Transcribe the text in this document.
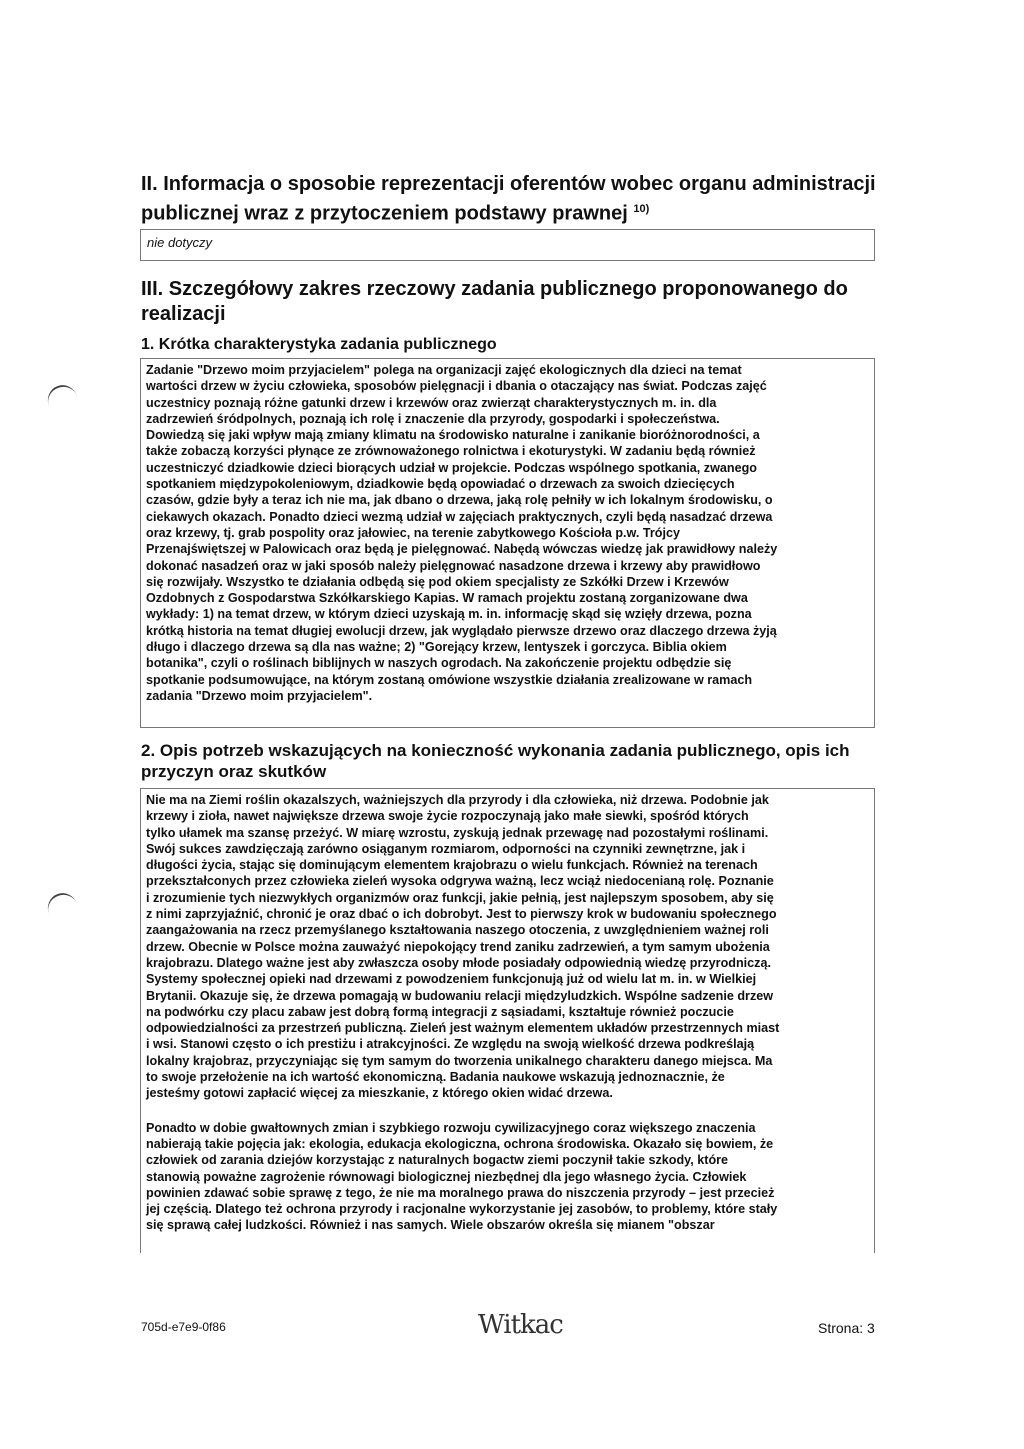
II. Informacja o sposobie reprezentacji oferentów wobec organu administracji publicznej wraz z przytoczeniem podstawy prawnej $^{10)}$

nie dotyczy

III. Szczegółowy zakres rzeczowy zadania publicznego proponowanego do realizacji
1. Krótka charakterystyka zadania publicznego

Zadanie "Drzewo moim przyjacielem" polega na organizacji zajęć ekologicznych dla dzieci na temat
wartości drzew w życiu człowieka, sposobów pielęgnacji i dbania o otaczający nas świat. Podczas zajęć
uczestnicy poznają różne gatunki drzew i krzewów oraz zwierząt charakterystycznych m. in. dla
zadrzewień śródpolnych, poznają ich rolę i znaczenie dla przyrody, gospodarki i społeczeństwa.
Dowiedzą się jaki wpływ mają zmiany klimatu na środowisko naturalne i zanikanie bioróżnorodności, a
także zobaczą korzyści płynące ze zrównoważonego rolnictwa i ekoturystyki. W zadaniu będą również
uczestniczyć dziadkowie dzieci biorących udział w projekcie. Podczas wspólnego spotkania, zwanego
spotkaniem międzypokoleniowym, dziadkowie będą opowiadać o drzewach za swoich dziecięcych
czasów, gdzie były a teraz ich nie ma, jak dbano o drzewa, jaką rolę pełniły w ich lokalnym środowisku, o
ciekawych okazach. Ponadto dzieci wezmą udział w zajęciach praktycznych, czyli będą nasadzać drzewa
oraz krzewy, tj. grab pospolity oraz jałowiec, na terenie zabytkowego Kościoła p.w. Trójcy
Przenajświętszej w Palowicach oraz będą je pielęgnować. Nabędą wówczas wiedzę jak prawidłowy należy
dokonać nasadzeń oraz w jaki sposób należy pielęgnować nasadzone drzewa i krzewy aby prawidłowo
się rozwijały. Wszystko te działania odbędą się pod okiem specjalisty ze Szkółki Drzew i Krzewów
Ozdobnych z Gospodarstwa Szkółkarskiego Kapias. W ramach projektu zostaną zorganizowane dwa
wykłady: 1) na temat drzew, w którym dzieci uzyskają m. in. informację skąd się wzięły drzewa, pozna
krótką historia na temat długiej ewolucji drzew, jak wyglądało pierwsze drzewo oraz dlaczego drzewa żyją
długo i dlaczego drzewa są dla nas ważne; 2) "Gorejący krzew, lentyszek i gorczyca. Biblia okiem
botanika", czyli o roślinach biblijnych w naszych ogrodach. Na zakończenie projektu odbędzie się
spotkanie podsumowujące, na którym zostaną omówione wszystkie działania zrealizowane w ramach
zadania "Drzewo moim przyjacielem".

2. Opis potrzeb wskazujących na konieczność wykonania zadania publicznego, opis ich przyczyn oraz skutków

Nie ma na Ziemi roślin okazalszych, ważniejszych dla przyrody i dla człowieka, niż drzewa. Podobnie jak
krzewy i zioła, nawet największe drzewa swoje życie rozpoczynają jako małe siewki, spośród których
tylko ułamek ma szansę przeżyć. W miarę wzrostu, zyskują jednak przewagę nad pozostałymi roślinami.
Swój sukces zawdzięczają zarówno osiąganym rozmiarom, odporności na czynniki zewnętrzne, jak i
długości życia, stając się dominującym elementem krajobrazu o wielu funkcjach. Również na terenach
przekształconych przez człowieka zieleń wysoka odgrywa ważną, lecz wciąż niedocenianą rolę. Poznanie
i zrozumienie tych niezwykłych organizmów oraz funkcji, jakie pełnią, jest najlepszym sposobem, aby się
z nimi zaprzyjaźnić, chronić je oraz dbać o ich dobrobyt. Jest to pierwszy krok w budowaniu społecznego
zaangażowania na rzecz przemyślanego kształtowania naszego otoczenia, z uwzględnieniem ważnej roli
drzew. Obecnie w Polsce można zauważyć niepokojący trend zaniku zadrzewień, a tym samym ubożenia
krajobrazu. Dlatego ważne jest aby zwłaszcza osoby młode posiadały odpowiednią wiedzę przyrodniczą.
Systemy społecznej opieki nad drzewami z powodzeniem funkcjonują już od wielu lat m. in. w Wielkiej
Brytanii. Okazuje się, że drzewa pomagają w budowaniu relacji międzyludzkich. Wspólne sadzenie drzew
na podwórku czy placu zabaw jest dobrą formą integracji z sąsiadami, kształtuje również poczucie
odpowiedzialności za przestrzeń publiczną. Zieleń jest ważnym elementem układów przestrzennych miast
i wsi. Stanowi często o ich prestiżu i atrakcyjności. Ze względu na swoją wielkość drzewa podkreślają
lokalny krajobraz, przyczyniając się tym samym do tworzenia unikalnego charakteru danego miejsca. Ma
to swoje przełożenie na ich wartość ekonomiczną. Badania naukowe wskazują jednoznacznie, że
jesteśmy gotowi zapłacić więcej za mieszkanie, z którego okien widać drzewa.

Ponadto w dobie gwałtownych zmian i szybkiego rozwoju cywilizacyjnego coraz większego znaczenia
nabierają takie pojęcia jak: ekologia, edukacja ekologiczna, ochrona środowiska. Okazało się bowiem, że
człowiek od zarania dziejów korzystając z naturalnych bogactw ziemi poczynił takie szkody, które
stanowią poważne zagrożenie równowagi biologicznej niezbędnej dla jego własnego życia. Człowiek
powinien zdawać sobie sprawę z tego, że nie ma moralnego prawa do niszczenia przyrody – jest przecież
jej częścią. Dlatego też ochrona przyrody i racjonalne wykorzystanie jej zasobów, to problemy, które stały
się sprawą całej ludzkości. Również i nas samych. Wiele obszarów określa się mianem "obszar

705d-e7e9-0f86	Witkac	Strona: 3
